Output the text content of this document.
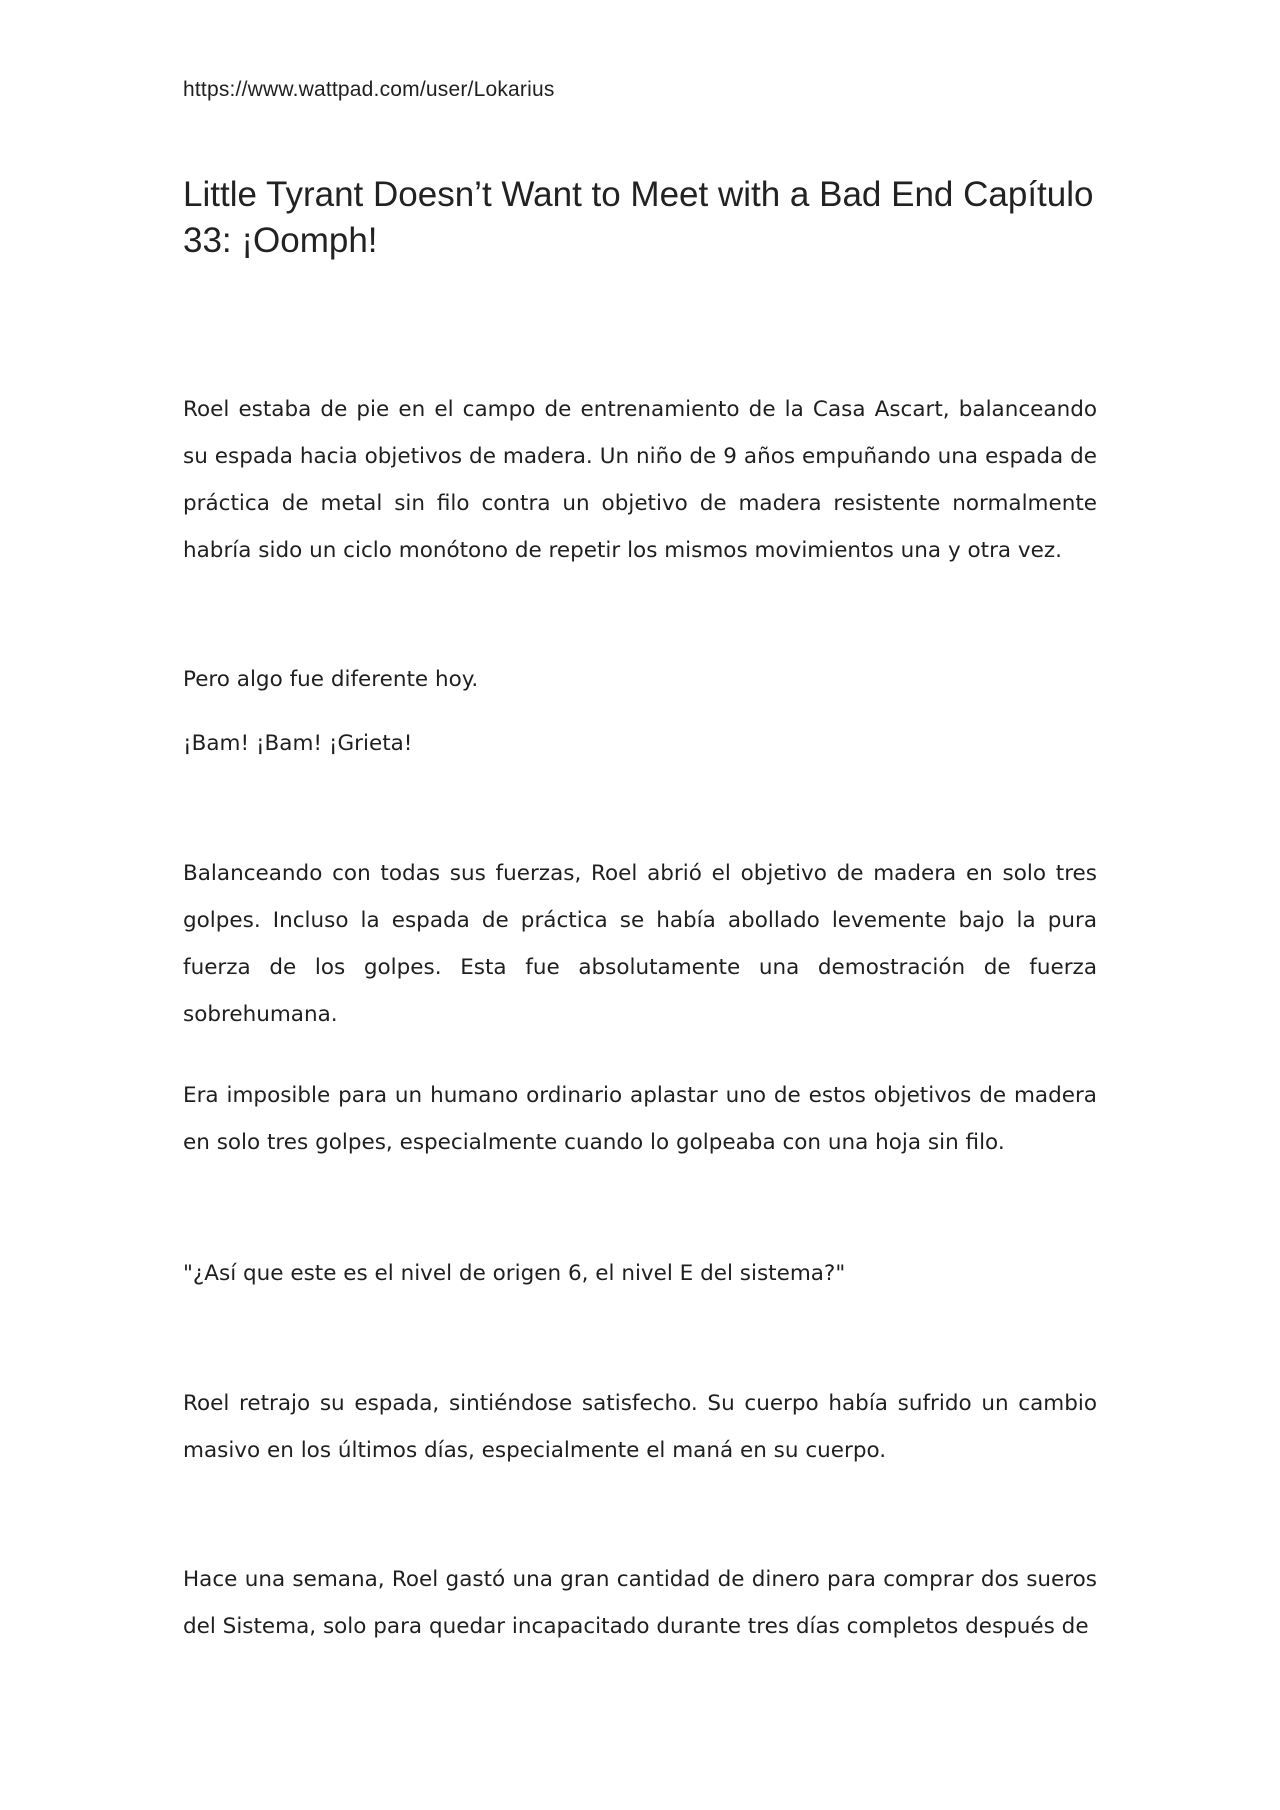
https://www.wattpad.com/user/Lokarius
Little Tyrant Doesn’t Want to Meet with a Bad End Capítulo 33: ¡Oomph!

Roel estaba de pie en el campo de entrenamiento de la Casa Ascart, balanceando su espada hacia objetivos de madera. Un niño de 9 años empuñando una espada de práctica de metal sin filo contra un objetivo de madera resistente normalmente habría sido un ciclo monótono de repetir los mismos movimientos una y otra vez.

Pero algo fue diferente hoy.

¡Bam! ¡Bam! ¡Grieta!

Balanceando con todas sus fuerzas, Roel abrió el objetivo de madera en solo tres golpes. Incluso la espada de práctica se había abollado levemente bajo la pura fuerza de los golpes. Esta fue absolutamente una demostración de fuerza sobrehumana.

Era imposible para un humano ordinario aplastar uno de estos objetivos de madera en solo tres golpes, especialmente cuando lo golpeaba con una hoja sin filo.

"¿Así que este es el nivel de origen 6, el nivel E del sistema?"

Roel retrajo su espada, sintiéndose satisfecho. Su cuerpo había sufrido un cambio masivo en los últimos días, especialmente el maná en su cuerpo.

Hace una semana, Roel gastó una gran cantidad de dinero para comprar dos sueros del Sistema, solo para quedar incapacitado durante tres días completos después de
